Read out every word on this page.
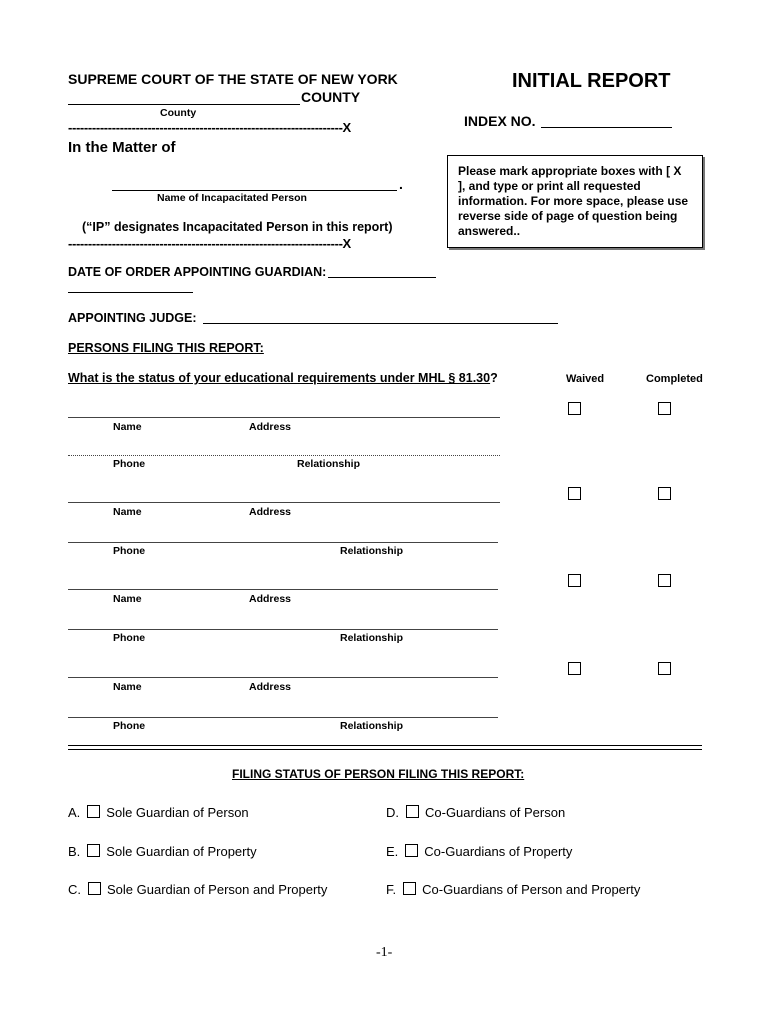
SUPREME COURT OF THE STATE OF NEW YORK
COUNTY
County
INITIAL REPORT
INDEX NO.
---------------------------------------------------------------------X
In the Matter of
.
Name of Incapacitated Person
(“IP” designates Incapacitated Person in this report)
---------------------------------------------------------------------X
Please mark appropriate boxes with [ X ], and type or print all requested information. For more space, please use reverse side of page of question being answered..
DATE OF ORDER APPOINTING GUARDIAN:
APPOINTING JUDGE:
PERSONS FILING THIS REPORT:
What is the status of your educational requirements under MHL § 81.30?	Waived	Completed
Name	Address
Phone	Relationship
Name	Address
Phone	Relationship
Name	Address
Phone	Relationship
Name	Address
Phone	Relationship
FILING STATUS OF PERSON FILING THIS REPORT:
A. Sole Guardian of Person
B. Sole Guardian of Property
C. Sole Guardian of Person and Property
D. Co-Guardians of Person
E. Co-Guardians of Property
F. Co-Guardians of Person and Property
-1-
